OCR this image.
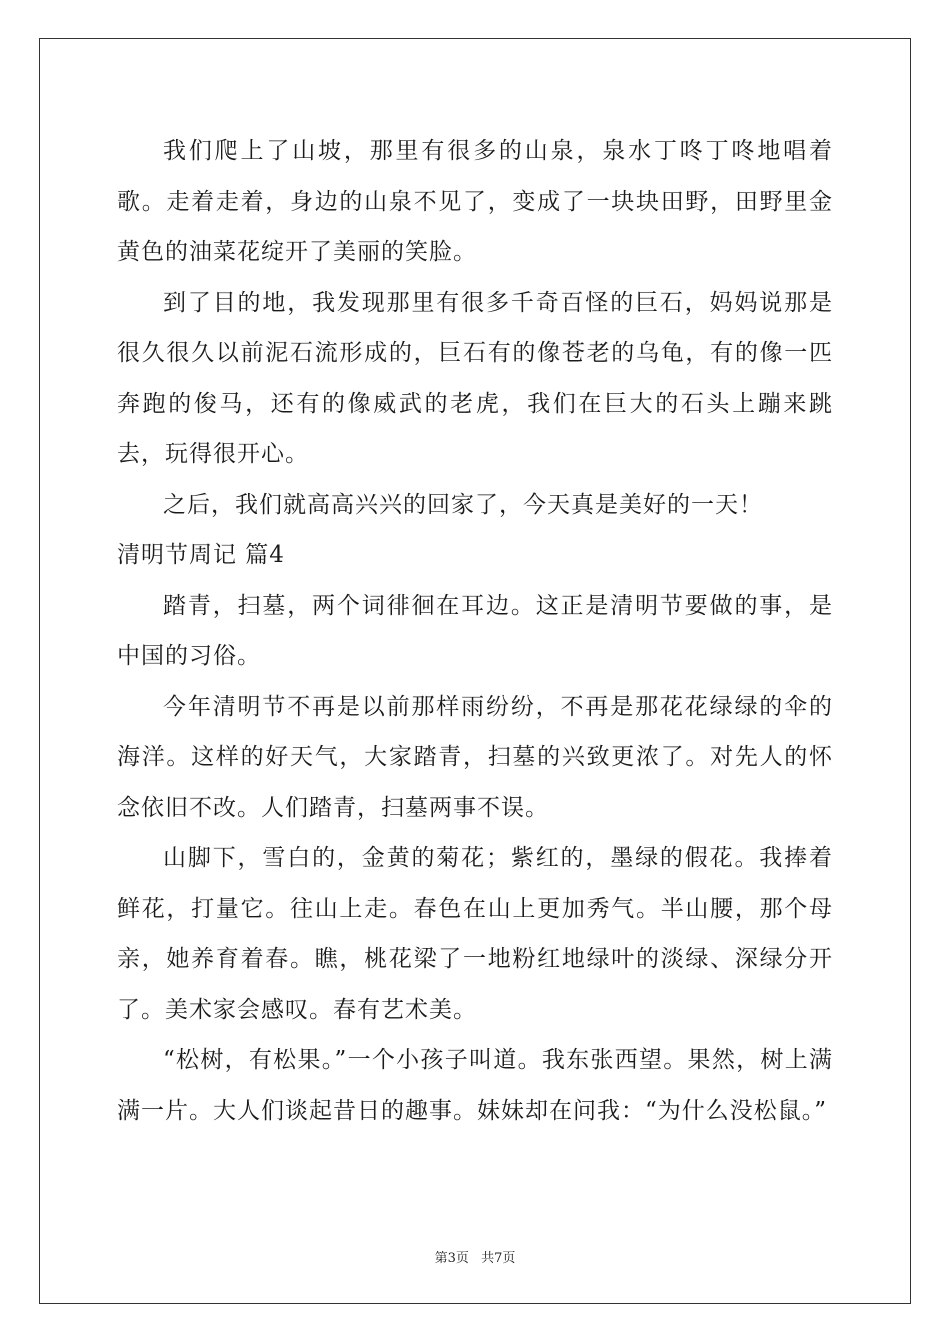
我们爬上了山坡，那里有很多的山泉，泉水丁咚丁咚地唱着歌。走着走着，身边的山泉不见了，变成了一块块田野，田野里金黄色的油菜花绽开了美丽的笑脸。

到了目的地，我发现那里有很多千奇百怪的巨石，妈妈说那是很久很久以前泥石流形成的，巨石有的像苍老的乌龟，有的像一匹奔跑的俊马，还有的像威武的老虎，我们在巨大的石头上蹦来跳去，玩得很开心。

之后，我们就高高兴兴的回家了，今天真是美好的一天！

清明节周记 篇4

踏青，扫墓，两个词徘徊在耳边。这正是清明节要做的事，是中国的习俗。

今年清明节不再是以前那样雨纷纷，不再是那花花绿绿的伞的海洋。这样的好天气，大家踏青，扫墓的兴致更浓了。对先人的怀念依旧不改。人们踏青，扫墓两事不误。

山脚下，雪白的，金黄的菊花；紫红的，墨绿的假花。我捧着鲜花，打量它。往山上走。春色在山上更加秀气。半山腰，那个母亲，她养育着春。瞧，桃花梁了一地粉红地绿叶的淡绿、深绿分开了。美术家会感叹。春有艺术美。

“松树，有松果。”一个小孩子叫道。我东张西望。果然，树上满满一片。大人们谈起昔日的趣事。妹妹却在问我：“为什么没松鼠。”

第3页 共7页
